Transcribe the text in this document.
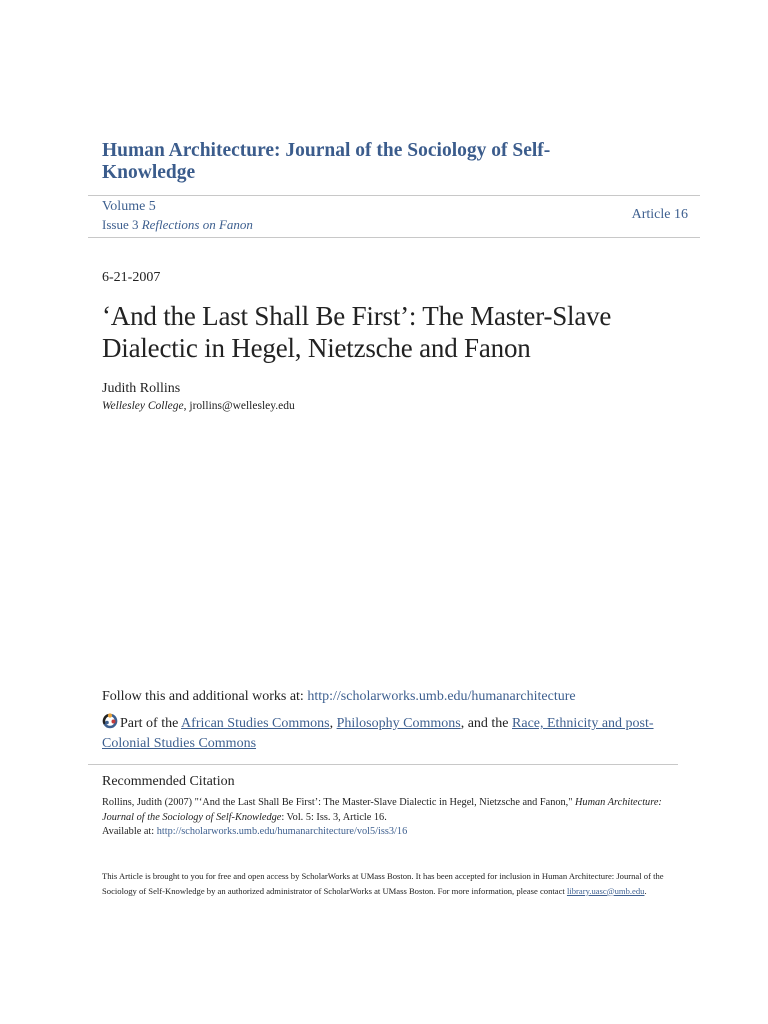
Human Architecture: Journal of the Sociology of Self-Knowledge
Volume 5
Issue 3 Reflections on Fanon
Article 16
6-21-2007
‘And the Last Shall Be First’: The Master-Slave Dialectic in Hegel, Nietzsche and Fanon
Judith Rollins
Wellesley College, jrollins@wellesley.edu
Follow this and additional works at: http://scholarworks.umb.edu/humanarchitecture
Part of the African Studies Commons, Philosophy Commons, and the Race, Ethnicity and post-Colonial Studies Commons
Recommended Citation
Rollins, Judith (2007) "‘And the Last Shall Be First’: The Master-Slave Dialectic in Hegel, Nietzsche and Fanon," Human Architecture: Journal of the Sociology of Self-Knowledge: Vol. 5: Iss. 3, Article 16.
Available at: http://scholarworks.umb.edu/humanarchitecture/vol5/iss3/16
This Article is brought to you for free and open access by ScholarWorks at UMass Boston. It has been accepted for inclusion in Human Architecture: Journal of the Sociology of Self-Knowledge by an authorized administrator of ScholarWorks at UMass Boston. For more information, please contact library.uasc@umb.edu.
